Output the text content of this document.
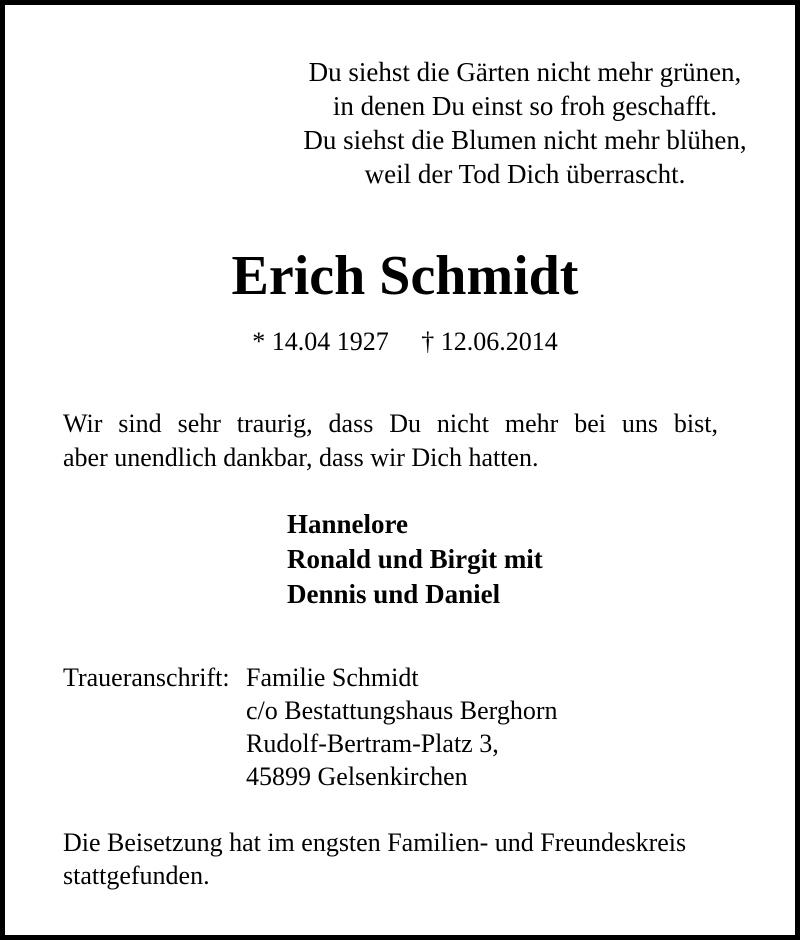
Du siehst die Gärten nicht mehr grünen,
in denen Du einst so froh geschafft.
Du siehst die Blumen nicht mehr blühen,
weil der Tod Dich überrascht.
Erich Schmidt
* 14.04 1927 † 12.06.2014
Wir sind sehr traurig, dass Du nicht mehr bei uns bist,
aber unendlich dankbar, dass wir Dich hatten.
Hannelore
Ronald und Birgit mit
Dennis und Daniel
Traueranschrift: Familie Schmidt
c/o Bestattungshaus Berghorn
Rudolf-Bertram-Platz 3,
45899 Gelsenkirchen
Die Beisetzung hat im engsten Familien- und Freundeskreis
stattgefunden.
